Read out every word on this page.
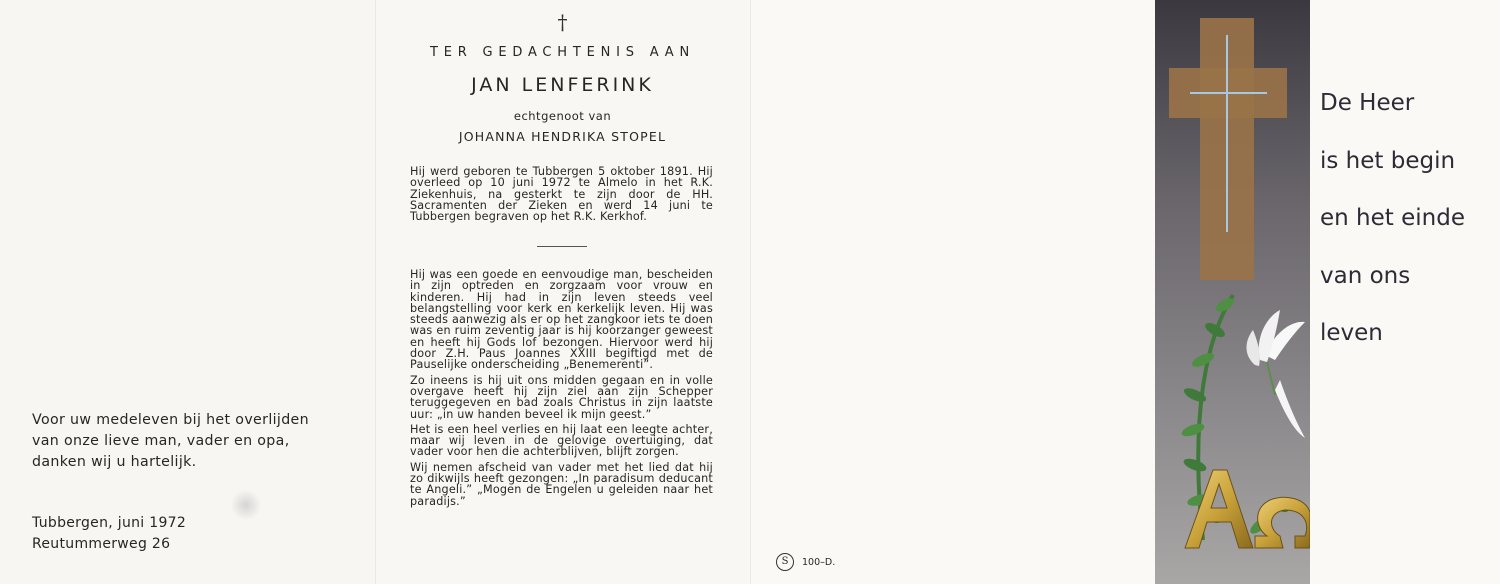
Voor uw medeleven bij het overlijden van onze lieve man, vader en opa, danken wij u hartelijk.
Tubbergen, juni 1972
Reutummerweg 26
†
TER GEDACHTENIS AAN
JAN LENFERINK
echtgenoot van
JOHANNA HENDRIKA STOPEL

Hij werd geboren te Tubbergen 5 oktober 1891. Hij overleed op 10 juni 1972 te Almelo in het R.K. Ziekenhuis, na gesterkt te zijn door de HH. Sacramenten der Zieken en werd 14 juni te Tubbergen begraven op het R.K. Kerkhof.

Hij was een goede en eenvoudige man, bescheiden in zijn optreden en zorgzaam voor vrouw en kinderen. Hij had in zijn leven steeds veel belangstelling voor kerk en kerkelijk leven. Hij was steeds aanwezig als er op het zangkoor iets te doen was en ruim zeventig jaar is hij koorzanger geweest en heeft hij Gods lof bezongen. Hiervoor werd hij door Z.H. Paus Joannes XXIII begiftigd met de Pauselijke onderscheiding „Benemerenti”.

Zo ineens is hij uit ons midden gegaan en in volle overgave heeft hij zijn ziel aan zijn Schepper teruggegeven en bad zoals Christus in zijn laatste uur: „in uw handen beveel ik mijn geest.”

Het is een heel verlies en hij laat een leegte achter, maar wij leven in de gelovige overtuiging, dat vader voor hen die achterblijven, blijft zorgen.

Wij nemen afscheid van vader met het lied dat hij zo dikwijls heeft gezongen: „In paradisum deducant te Angeli.” „Mogen de Engelen u geleiden naar het paradijs.”

S	100–D.
De Heer
is het begin
en het einde
van ons
leven
